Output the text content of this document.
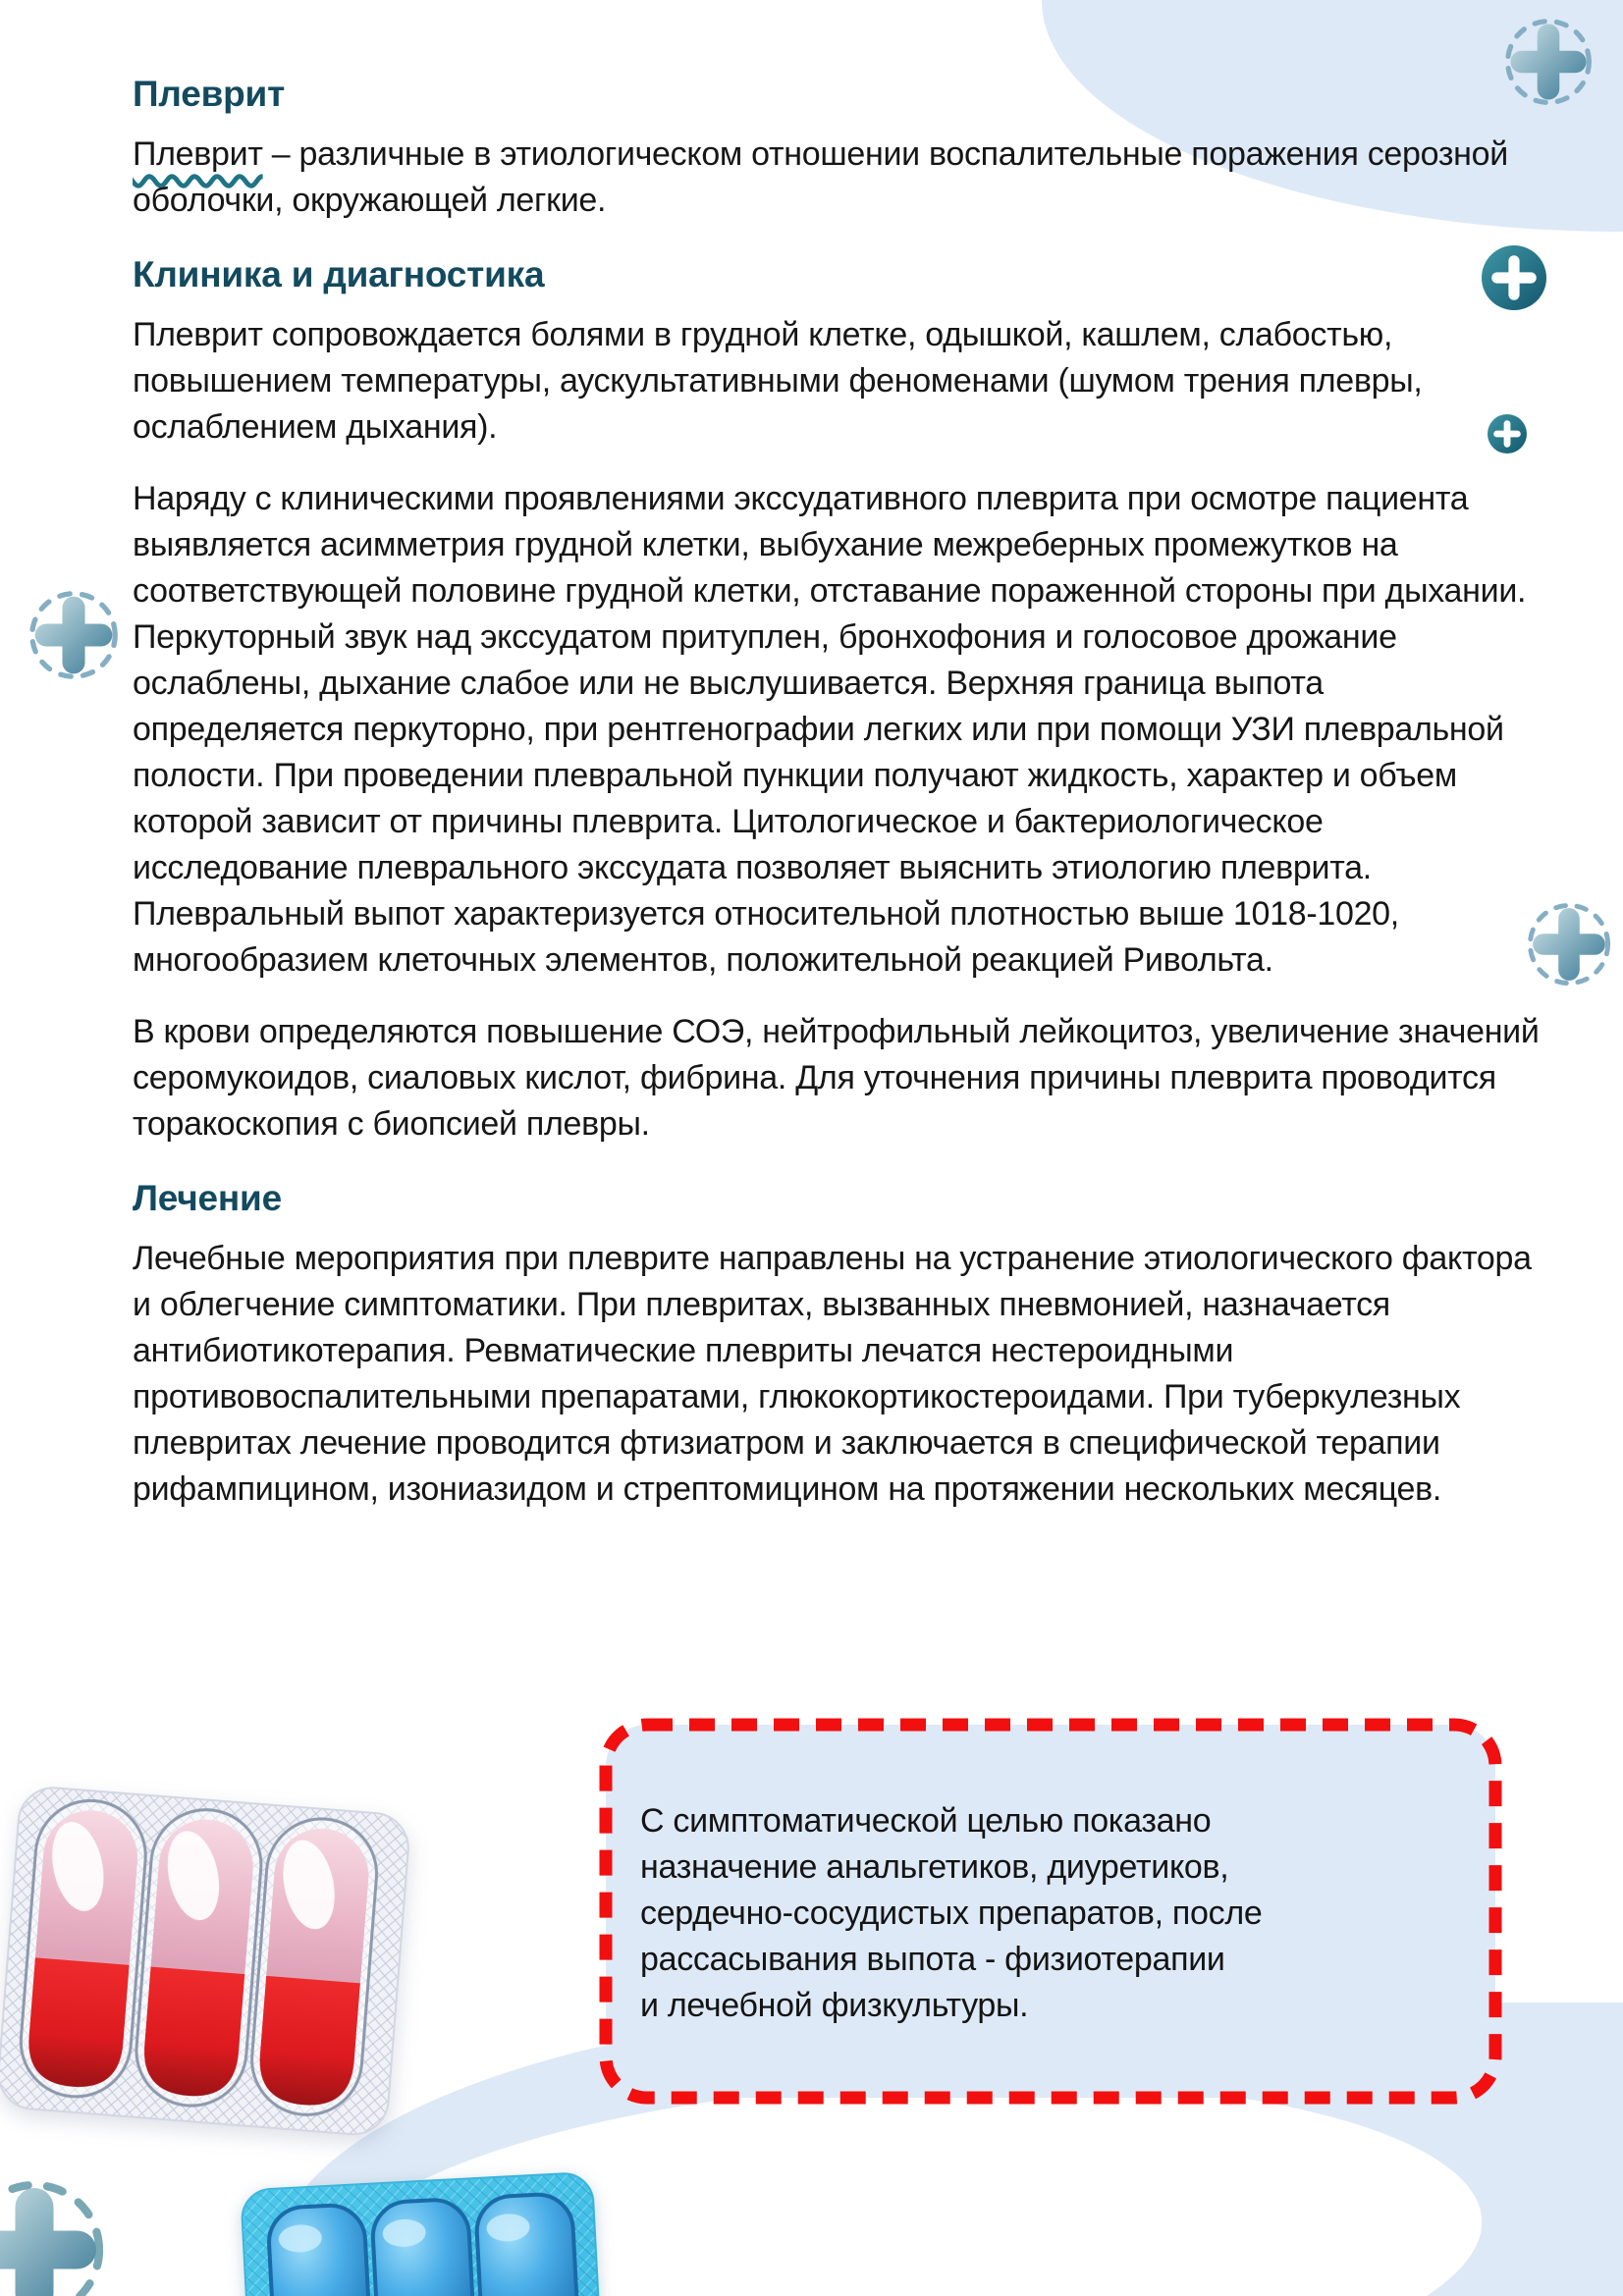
Плеврит

Плеврит – различные в этиологическом отношении воспалительные поражения серозной оболочки, окружающей легкие.

Клиника и диагностика

Плеврит сопровождается болями в грудной клетке, одышкой, кашлем, слабостью, повышением температуры, аускультативными феноменами (шумом трения плевры, ослаблением дыхания).

Наряду с клиническими проявлениями экссудативного плеврита при осмотре пациента выявляется асимметрия грудной клетки, выбухание межреберных промежутков на соответствующей половине грудной клетки, отставание пораженной стороны при дыхании. Перкуторный звук над экссудатом притуплен, бронхофония и голосовое дрожание ослаблены, дыхание слабое или не выслушивается. Верхняя граница выпота определяется перкуторно, при рентгенографии легких или при помощи УЗИ плевральной полости. При проведении плевральной пункции получают жидкость, характер и объем которой зависит от причины плеврита. Цитологическое и бактериологическое исследование плеврального экссудата позволяет выяснить этиологию плеврита. Плевральный выпот характеризуется относительной плотностью выше 1018-1020, многообразием клеточных элементов, положительной реакцией Ривольта.

В крови определяются повышение СОЭ, нейтрофильный лейкоцитоз, увеличение значений серомукоидов, сиаловых кислот, фибрина. Для уточнения причины плеврита проводится торакоскопия с биопсией плевры.

Лечение

Лечебные мероприятия при плеврите направлены на устранение этиологического фактора и облегчение симптоматики. При плевритах, вызванных пневмонией, назначается антибиотикотерапия. Ревматические плевриты лечатся нестероидными противовоспалительными препаратами, глюкокортикостероидами. При туберкулезных плевритах лечение проводится фтизиатром и заключается в специфической терапии рифампицином, изониазидом и стрептомицином на протяжении нескольких месяцев.

С симптоматической целью показано
назначение анальгетиков, диуретиков,
сердечно-сосудистых препаратов, после
рассасывания выпота - физиотерапии
и лечебной физкультуры.
